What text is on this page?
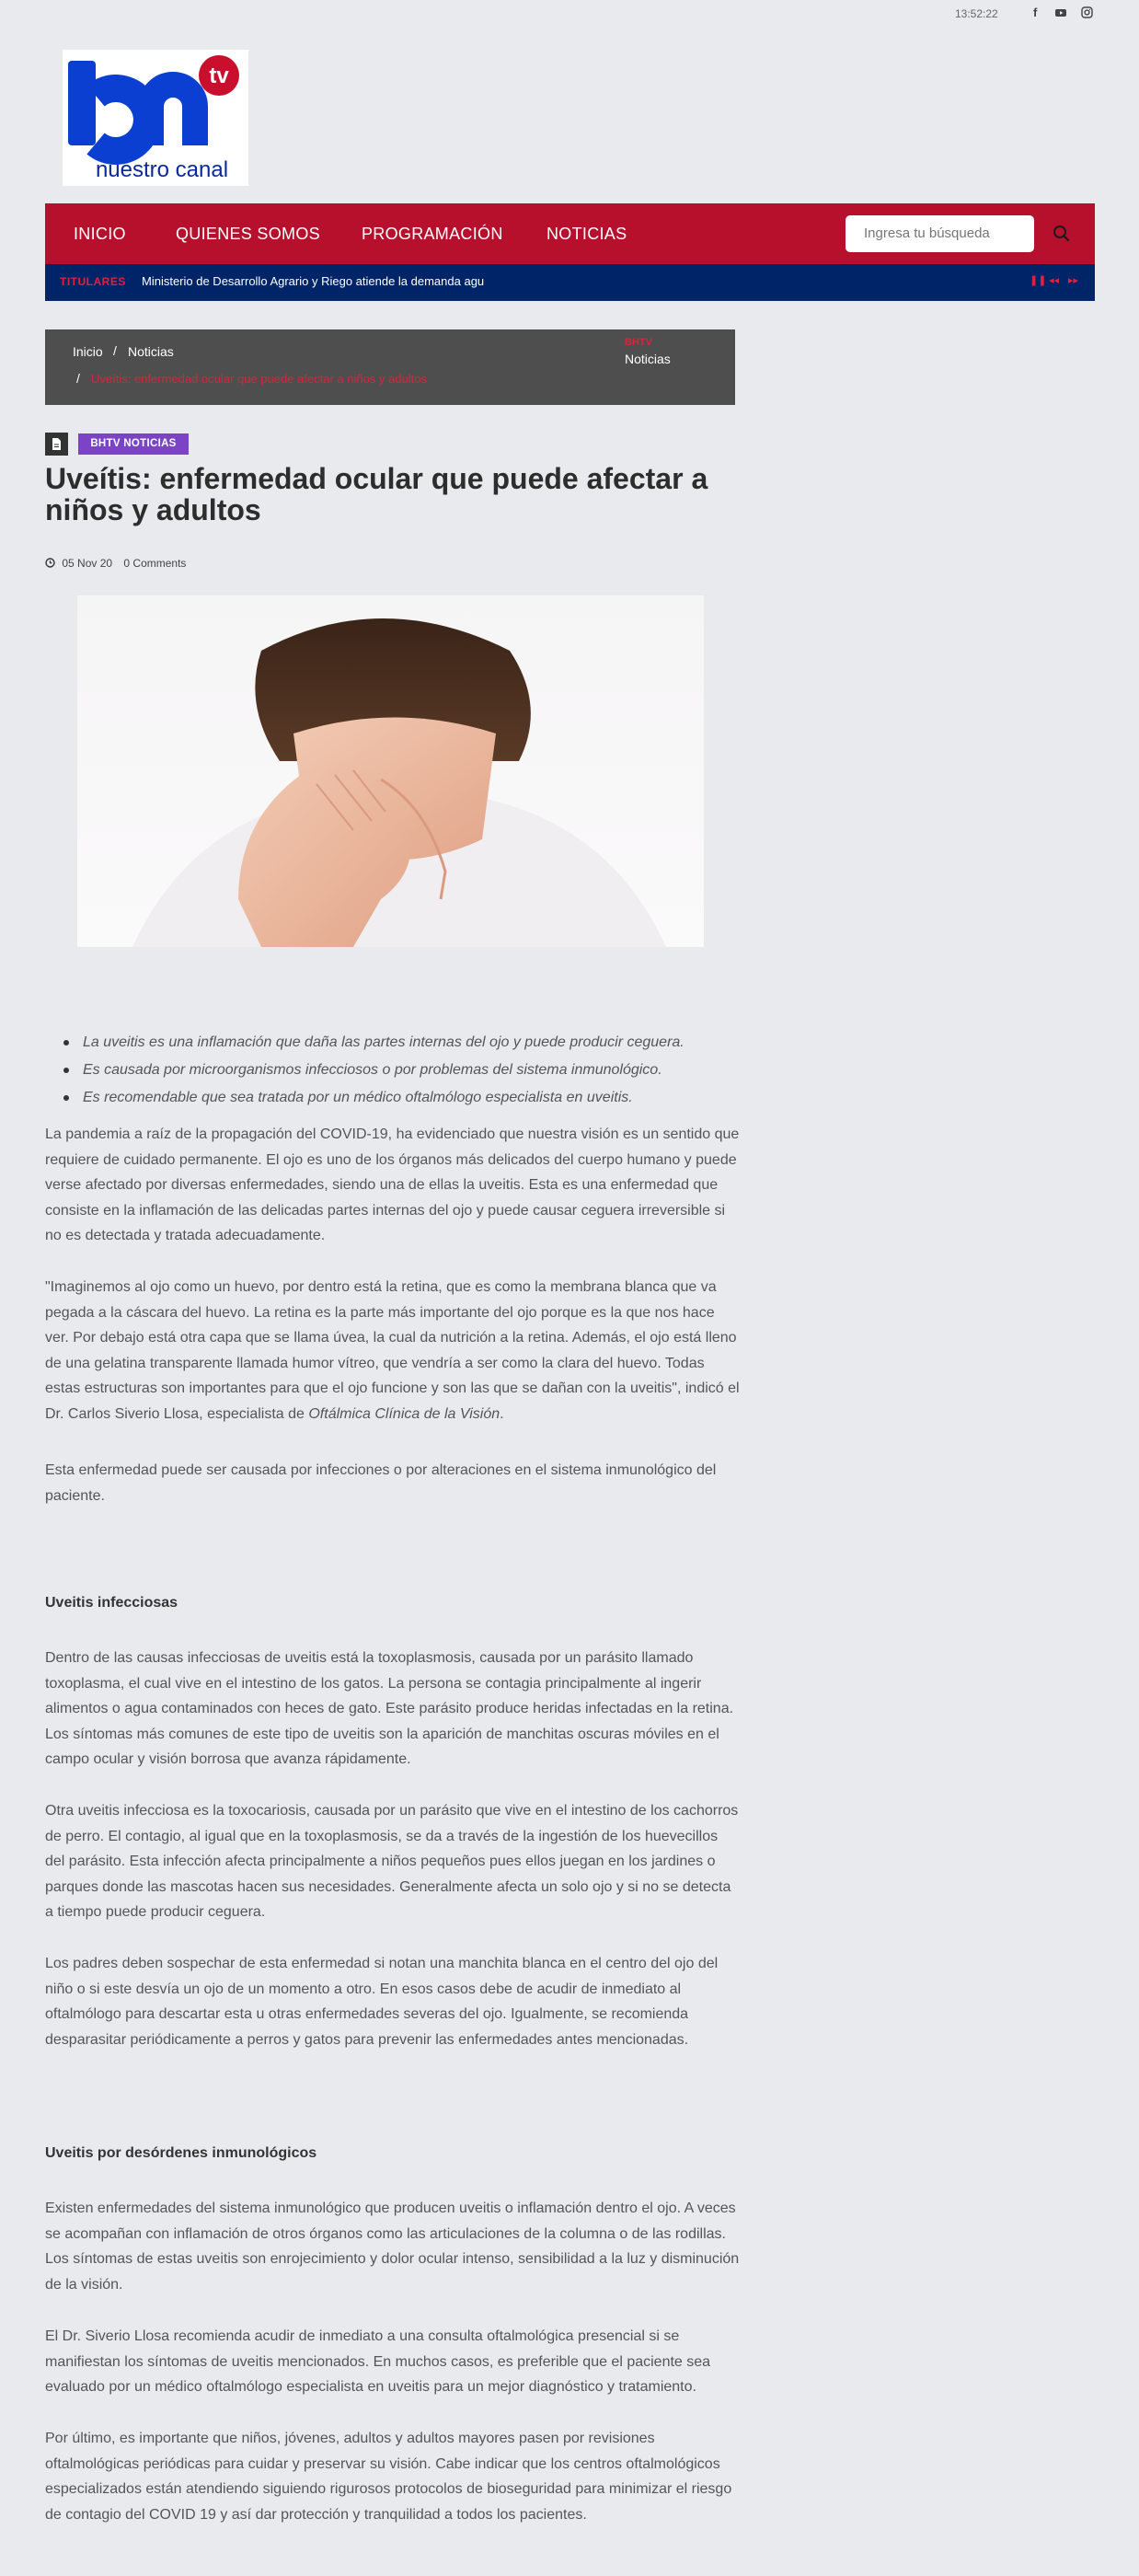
13:52:22	f
tv
nuestro canal
INICIO	QUIENES SOMOS	PROGRAMACIÓN	NOTICIAS
Ingresa tu búsqueda
TITULARES Ministerio de Desarrollo Agrario y Riego atiende la demanda agu	❚❚ ◂◂ ▸▸
Inicio / Noticias
/ Uveítis: enfermedad ocular que puede afectar a niños y adultos
BHTV
Noticias
BHTV NOTICIAS
Uveítis: enfermedad ocular que puede afectar a niños y adultos
05 Nov 20 0 Comments
La uveitis es una inflamación que daña las partes internas del ojo y puede producir ceguera.
Es causada por microorganismos infecciosos o por problemas del sistema inmunológico.
Es recomendable que sea tratada por un médico oftalmólogo especialista en uveitis.

La pandemia a raíz de la propagación del COVID-19, ha evidenciado que nuestra visión es un sentido que requiere de cuidado permanente. El ojo es uno de los órganos más delicados del cuerpo humano y puede verse afectado por diversas enfermedades, siendo una de ellas la uveitis. Esta es una enfermedad que consiste en la inflamación de las delicadas partes internas del ojo y puede causar ceguera irreversible si no es detectada y tratada adecuadamente.

"Imaginemos al ojo como un huevo, por dentro está la retina, que es como la membrana blanca que va pegada a la cáscara del huevo. La retina es la parte más importante del ojo porque es la que nos hace ver. Por debajo está otra capa que se llama úvea, la cual da nutrición a la retina. Además, el ojo está lleno de una gelatina transparente llamada humor vítreo, que vendría a ser como la clara del huevo. Todas estas estructuras son importantes para que el ojo funcione y son las que se dañan con la uveitis", indicó el Dr. Carlos Siverio Llosa, especialista de Oftálmica Clínica de la Visión.

Esta enfermedad puede ser causada por infecciones o por alteraciones en el sistema inmunológico del paciente.

Uveitis infecciosas

Dentro de las causas infecciosas de uveitis está la toxoplasmosis, causada por un parásito llamado toxoplasma, el cual vive en el intestino de los gatos. La persona se contagia principalmente al ingerir alimentos o agua contaminados con heces de gato. Este parásito produce heridas infectadas en la retina. Los síntomas más comunes de este tipo de uveitis son la aparición de manchitas oscuras móviles en el campo ocular y visión borrosa que avanza rápidamente.

Otra uveitis infecciosa es la toxocariosis, causada por un parásito que vive en el intestino de los cachorros de perro. El contagio, al igual que en la toxoplasmosis, se da a través de la ingestión de los huevecillos del parásito. Esta infección afecta principalmente a niños pequeños pues ellos juegan en los jardines o parques donde las mascotas hacen sus necesidades. Generalmente afecta un solo ojo y si no se detecta a tiempo puede producir ceguera.

Los padres deben sospechar de esta enfermedad si notan una manchita blanca en el centro del ojo del niño o si este desvía un ojo de un momento a otro. En esos casos debe de acudir de inmediato al oftalmólogo para descartar esta u otras enfermedades severas del ojo. Igualmente, se recomienda desparasitar periódicamente a perros y gatos para prevenir las enfermedades antes mencionadas.

Uveitis por desórdenes inmunológicos

Existen enfermedades del sistema inmunológico que producen uveitis o inflamación dentro el ojo. A veces se acompañan con inflamación de otros órganos como las articulaciones de la columna o de las rodillas. Los síntomas de estas uveitis son enrojecimiento y dolor ocular intenso, sensibilidad a la luz y disminución de la visión.

El Dr. Siverio Llosa recomienda acudir de inmediato a una consulta oftalmológica presencial si se manifiestan los síntomas de uveitis mencionados. En muchos casos, es preferible que el paciente sea evaluado por un médico oftalmólogo especialista en uveitis para un mejor diagnóstico y tratamiento.

Por último, es importante que niños, jóvenes, adultos y adultos mayores pasen por revisiones oftalmológicas periódicas para cuidar y preservar su visión. Cabe indicar que los centros oftalmológicos especializados están atendiendo siguiendo rigurosos protocolos de bioseguridad para minimizar el riesgo de contagio del COVID 19 y así dar protección y tranquilidad a todos los pacientes.
